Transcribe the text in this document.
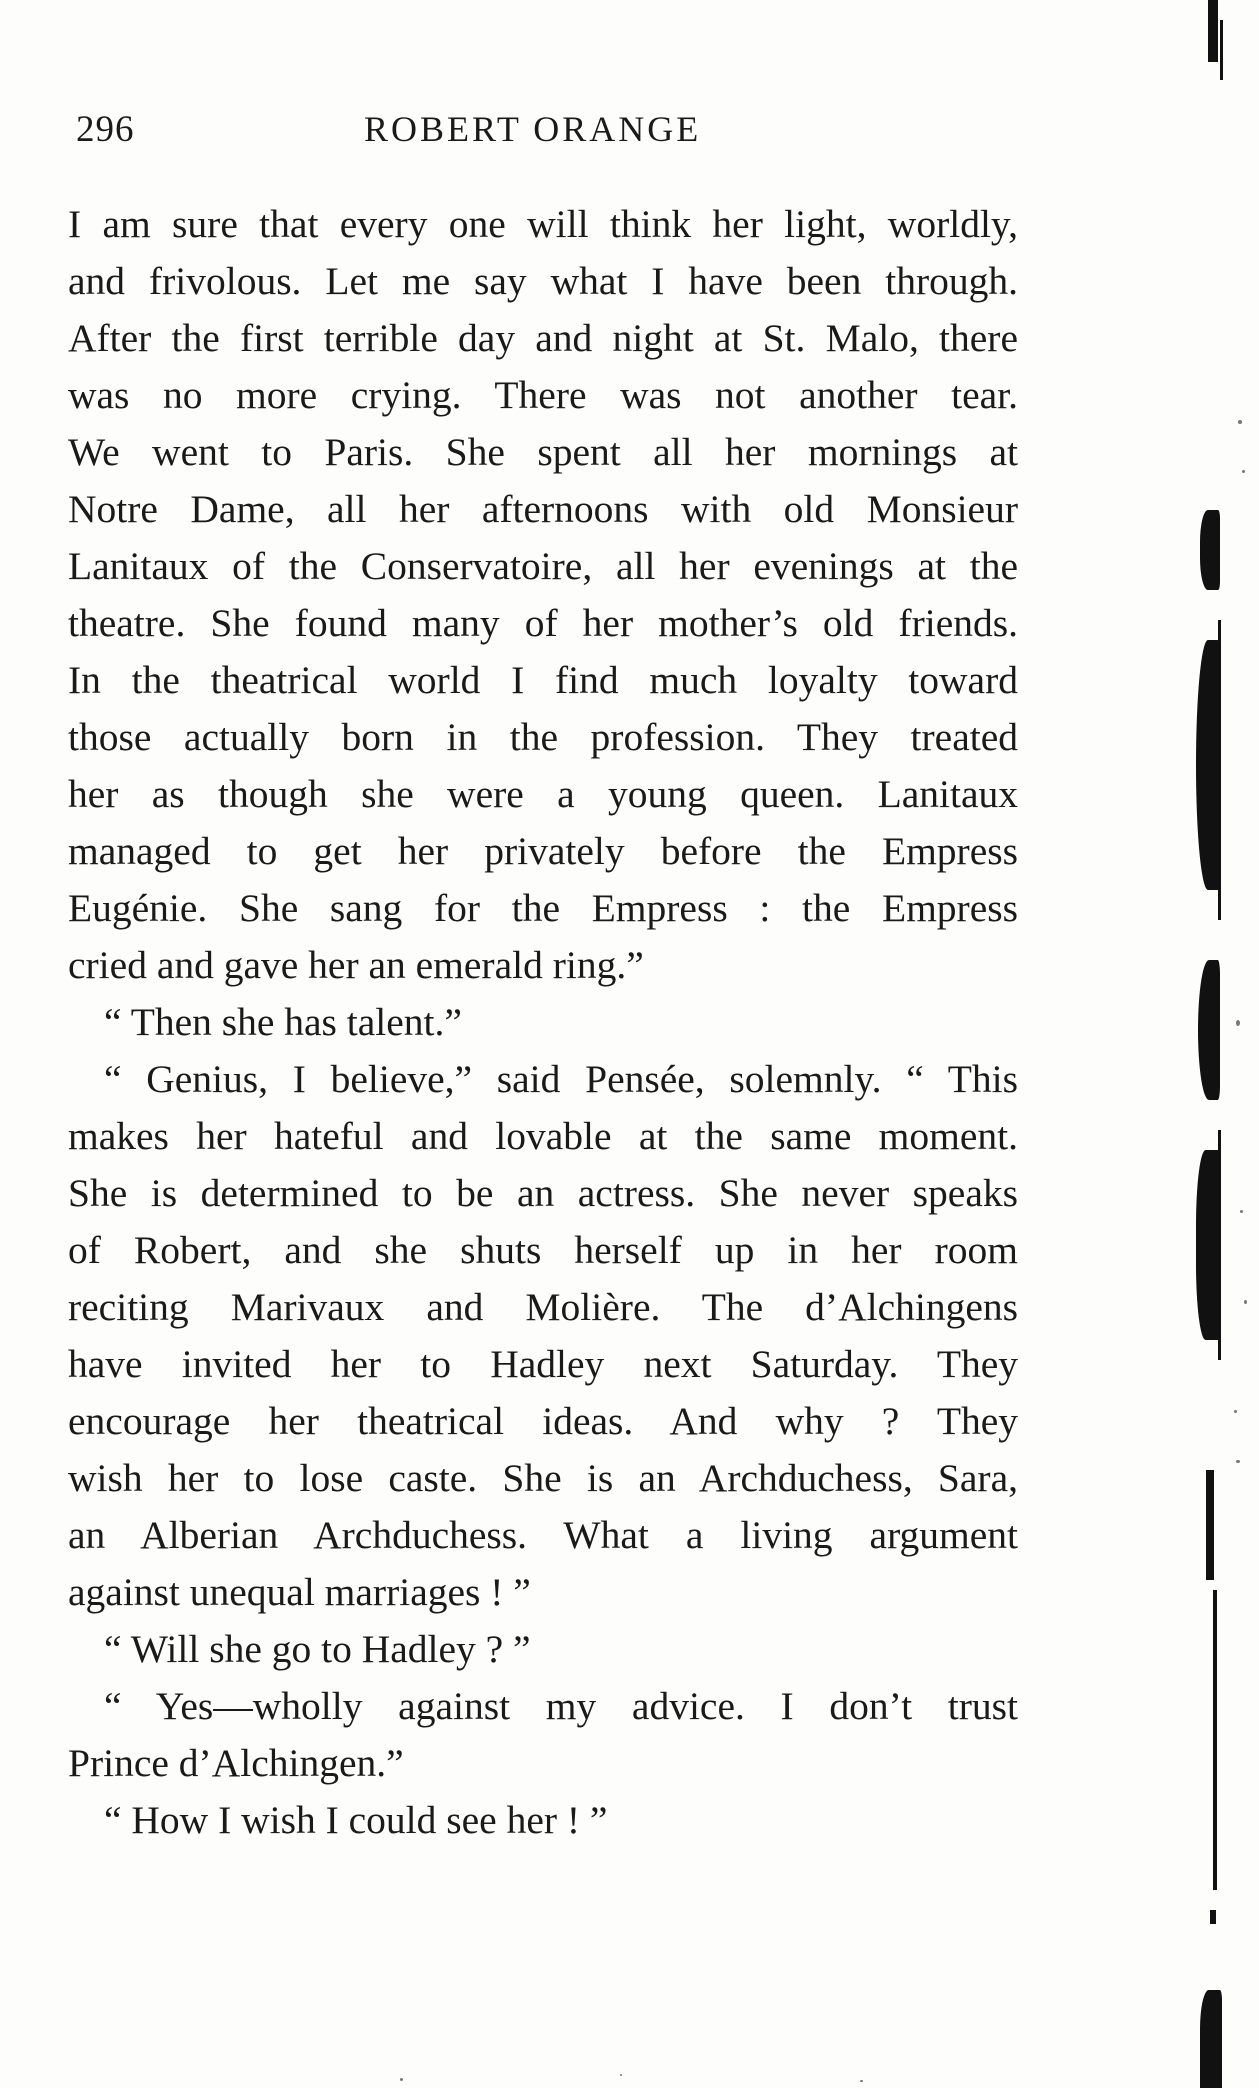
296	ROBERT ORANGE
I am sure that every one will think her light, worldly,
and frivolous. Let me say what I have been through.
After the first terrible day and night at St. Malo, there
was no more crying. There was not another tear.
We went to Paris. She spent all her mornings at
Notre Dame, all her afternoons with old Monsieur
Lanitaux of the Conservatoire, all her evenings at the
theatre. She found many of her mother’s old friends.
In the theatrical world I find much loyalty toward
those actually born in the profession. They treated
her as though she were a young queen. Lanitaux
managed to get her privately before the Empress
Eugénie. She sang for the Empress : the Empress
cried and gave her an emerald ring.”
“ Then she has talent.”
“ Genius, I believe,” said Pensée, solemnly. “ This
makes her hateful and lovable at the same moment.
She is determined to be an actress. She never speaks
of Robert, and she shuts herself up in her room
reciting Marivaux and Molière. The d’Alchingens
have invited her to Hadley next Saturday. They
encourage her theatrical ideas. And why ? They
wish her to lose caste. She is an Archduchess, Sara,
an Alberian Archduchess. What a living argument
against unequal marriages ! ”
“ Will she go to Hadley ? ”
“ Yes—wholly against my advice. I don’t trust
Prince d’Alchingen.”
“ How I wish I could see her ! ”
